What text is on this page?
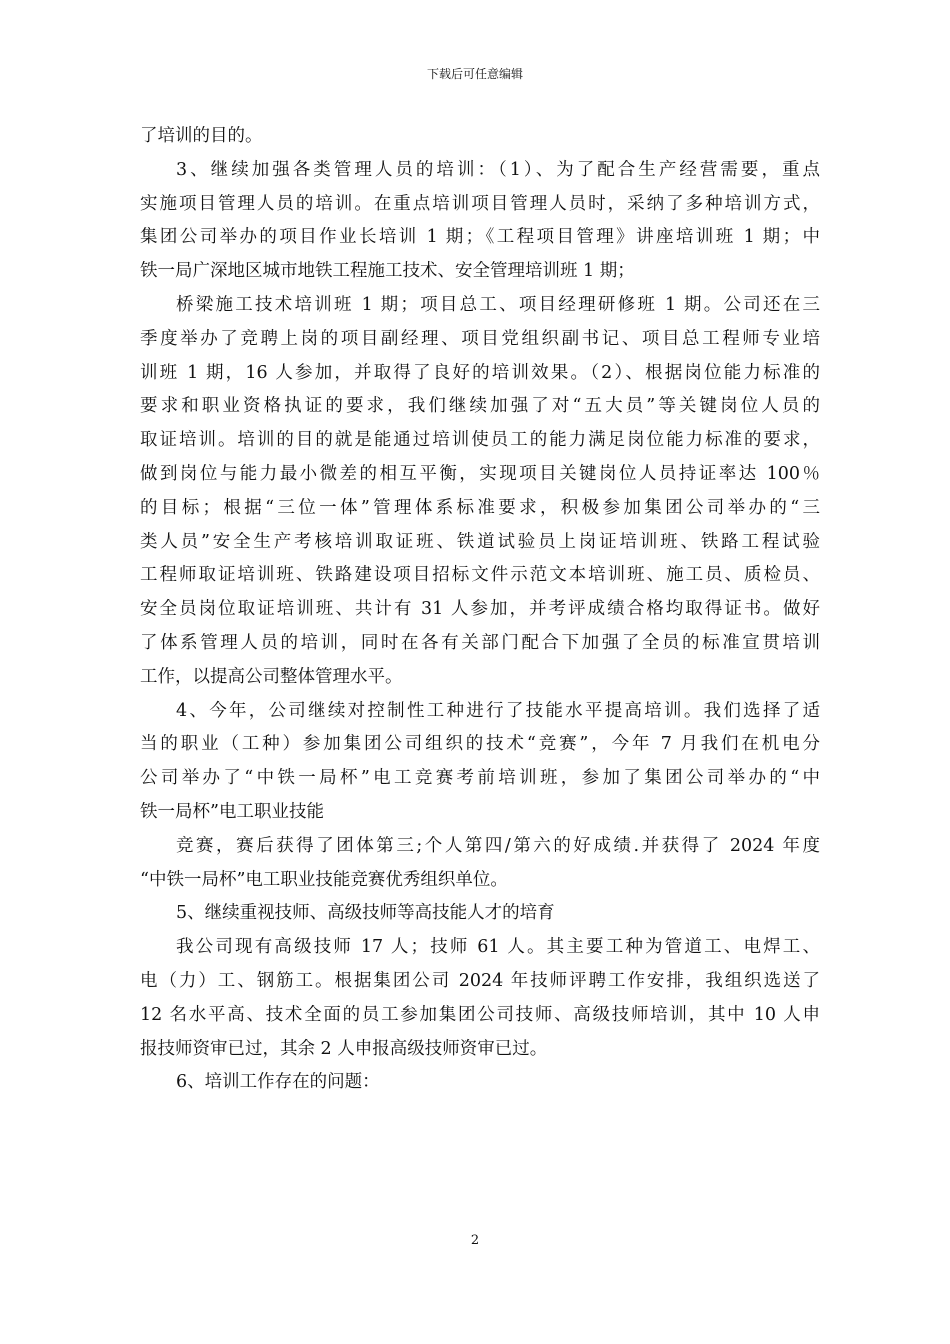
下载后可任意编辑
了培训的目的。
3、继续加强各类管理人员的培训：（1）、为了配合生产经营需要，重点
实施项目管理人员的培训。在重点培训项目管理人员时，采纳了多种培训方式，
集团公司举办的项目作业长培训 1 期；《工程项目管理》讲座培训班 1 期；中
铁一局广深地区城市地铁工程施工技术、安全管理培训班 1 期；
桥梁施工技术培训班 1 期；项目总工、项目经理研修班 1 期。公司还在三
季度举办了竞聘上岗的项目副经理、项目党组织副书记、项目总工程师专业培
训班 1 期，16 人参加，并取得了良好的培训效果。（2）、根据岗位能力标准的
要求和职业资格执证的要求，我们继续加强了对“五大员”等关键岗位人员的
取证培训。培训的目的就是能通过培训使员工的能力满足岗位能力标准的要求，
做到岗位与能力最小微差的相互平衡，实现项目关键岗位人员持证率达 100％
的目标；根据“三位一体”管理体系标准要求，积极参加集团公司举办的“三
类人员”安全生产考核培训取证班、铁道试验员上岗证培训班、铁路工程试验
工程师取证培训班、铁路建设项目招标文件示范文本培训班、施工员、质检员、
安全员岗位取证培训班、共计有 31 人参加，并考评成绩合格均取得证书。做好
了体系管理人员的培训，同时在各有关部门配合下加强了全员的标准宣贯培训
工作，以提高公司整体管理水平。
4、今年，公司继续对控制性工种进行了技能水平提高培训。我们选择了适
当的职业（工种）参加集团公司组织的技术“竞赛”，今年 7 月我们在机电分
公司举办了“中铁一局杯”电工竞赛考前培训班，参加了集团公司举办的“中
铁一局杯”电工职业技能
竞赛，赛后获得了团体第三;个人第四/第六的好成绩.并获得了 2024 年度
“中铁一局杯”电工职业技能竞赛优秀组织单位。
5、继续重视技师、高级技师等高技能人才的培育
我公司现有高级技师 17 人；技师 61 人。其主要工种为管道工、电焊工、
电（力）工、钢筋工。根据集团公司 2024 年技师评聘工作安排，我组织选送了
12 名水平高、技术全面的员工参加集团公司技师、高级技师培训，其中 10 人申
报技师资审已过，其余 2 人申报高级技师资审已过。
6、培训工作存在的问题：
2
